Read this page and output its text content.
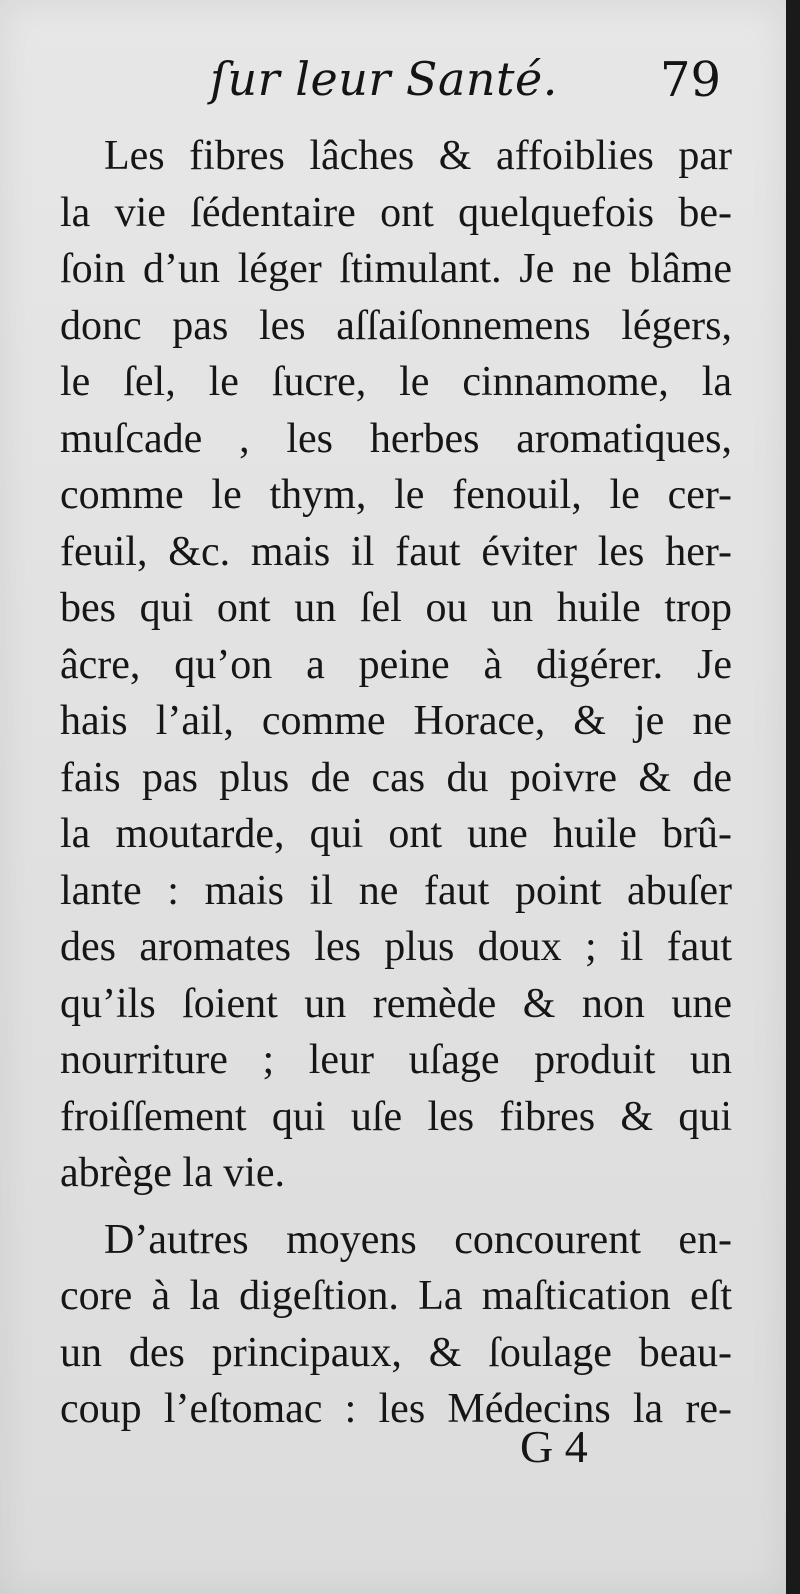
ſur leur Santé. 79
Les fibres lâches & affoiblies par
la vie ſédentaire ont quelquefois be-
ſoin d’un léger ſtimulant. Je ne blâme
donc pas les aſſaiſonnemens légers,
le ſel, le ſucre, le cinnamome, la
muſcade , les herbes aromatiques,
comme le thym, le fenouil, le cer-
feuil, &c. mais il faut éviter les her-
bes qui ont un ſel ou un huile trop
âcre, qu’on a peine à digérer. Je
hais l’ail, comme Horace, & je ne
fais pas plus de cas du poivre & de
la moutarde, qui ont une huile brû-
lante : mais il ne faut point abuſer
des aromates les plus doux ; il faut
qu’ils ſoient un remède & non une
nourriture ; leur uſage produit un
froiſſement qui uſe les fibres & qui
abrège la vie.
D’autres moyens concourent en-
core à la digeſtion. La maſtication eſt
un des principaux, & ſoulage beau-
coup l’eſtomac : les Médecins la re-
G 4
